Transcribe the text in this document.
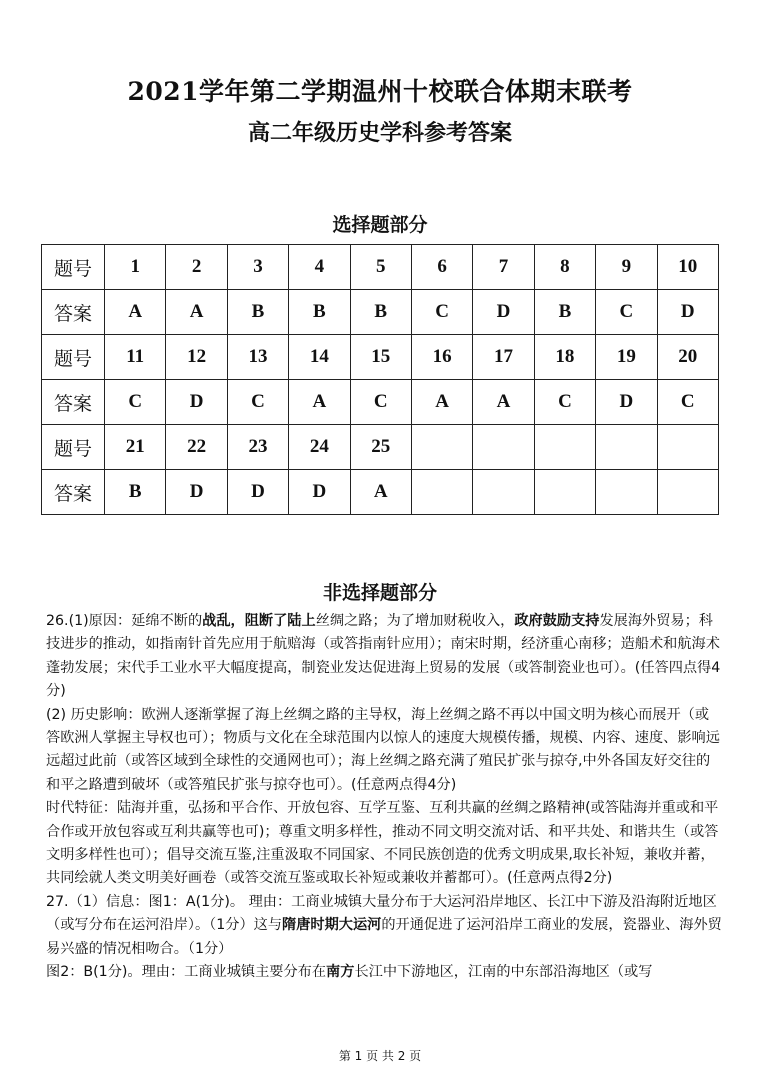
2021学年第二学期温州十校联合体期末联考
高二年级历史学科参考答案
选择题部分
题号	1	2	3	4	5	6	7	8	9	10
答案	A	A	B	B	B	C	D	B	C	D
题号	11	12	13	14	15	16	17	18	19	20
答案	C	D	C	A	C	A	A	C	D	C
题号	21	22	23	24	25					
答案	B	D	D	D	A					
非选择题部分

26.(1)原因：延绵不断的战乱，阻断了陆上丝绸之路；为了增加财税收入，政府鼓励支持发展海外贸易；科技进步的推动，如指南针首先应用于航赔海（或答指南针应用）；南宋时期，经济重心南移；造船术和航海术蓬勃发展；宋代手工业水平大幅度提高，制瓷业发达促进海上贸易的发展（或答制瓷业也可）。(任答四点得4分)

(2) 历史影响：欧洲人逐渐掌握了海上丝绸之路的主导权，海上丝绸之路不再以中国文明为核心而展开（或答欧洲人掌握主导权也可）；物质与文化在全球范围内以惊人的速度大规模传播，规模、内容、速度、影响远远超过此前（或答区域到全球性的交通网也可）；海上丝绸之路充满了殖民扩张与掠夺,中外各国友好交往的和平之路遭到破坏（或答殖民扩张与掠夺也可）。(任意两点得4分)

时代特征：陆海并重，弘扬和平合作、开放包容、互学互鉴、互利共赢的丝绸之路精神(或答陆海并重或和平合作或开放包容或互利共赢等也可)；尊重文明多样性，推动不同文明交流对话、和平共处、和谐共生（或答文明多样性也可）；倡导交流互鉴,注重汲取不同国家、不同民族创造的优秀文明成果,取长补短，兼收并蓄，共同绘就人类文明美好画卷（或答交流互鉴或取长补短或兼收并蓄都可）。(任意两点得2分)

27.（1）信息：图1：A(1分)。 理由：工商业城镇大量分布于大运河沿岸地区、长江中下游及沿海附近地区（或写分布在运河沿岸）。（1分）这与隋唐时期大运河的开通促进了运河沿岸工商业的发展，瓷器业、海外贸易兴盛的情况相吻合。（1分）

图2：B(1分)。理由：工商业城镇主要分布在南方长江中下游地区，江南的中东部沿海地区（或写

第 1 页 共 2 页
